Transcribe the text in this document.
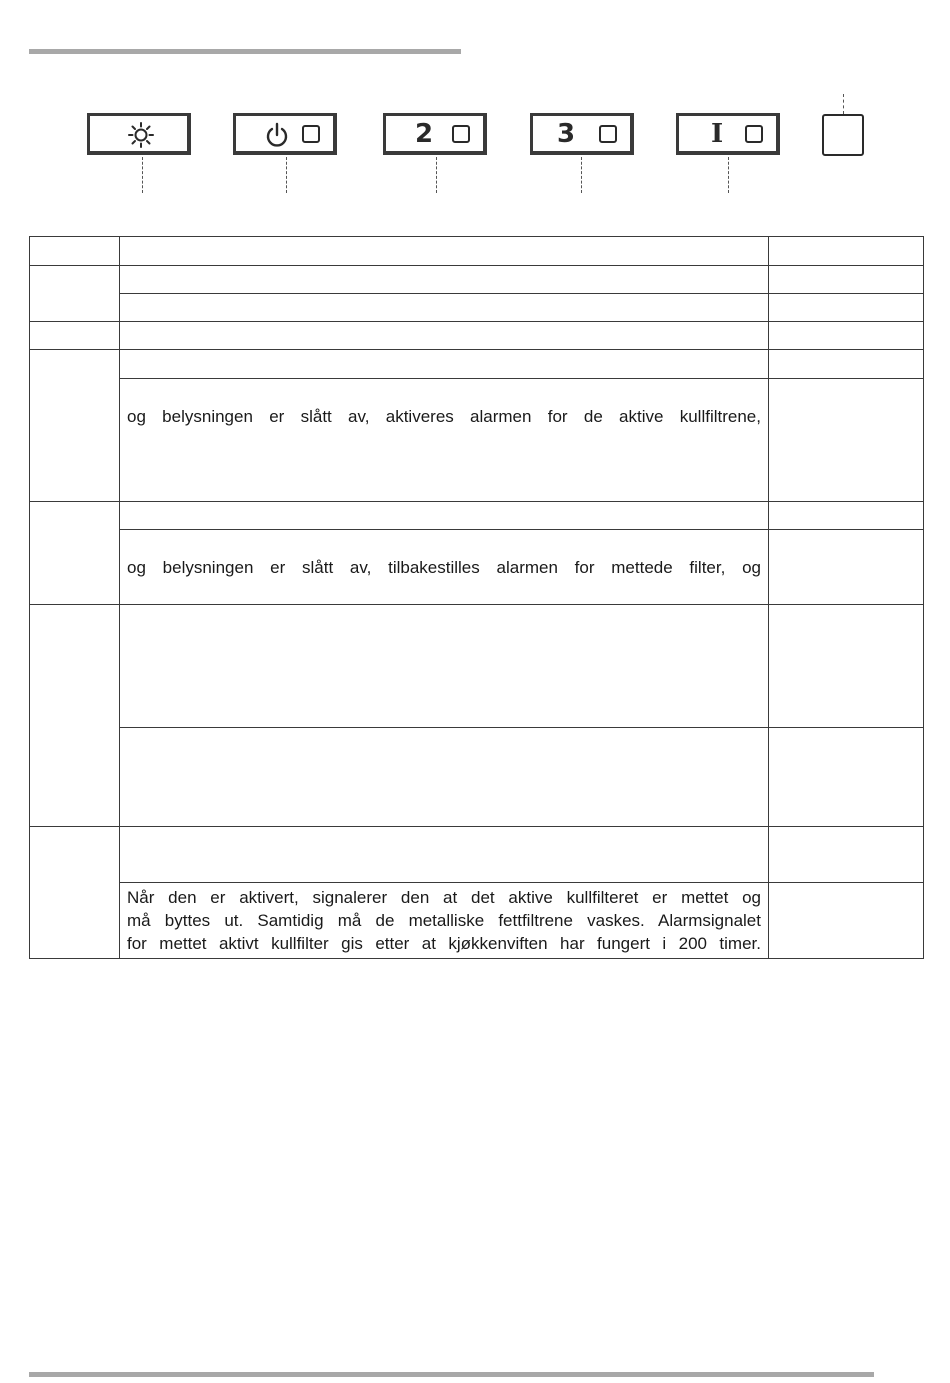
2	3	I

	og belysningen er slått av, aktiveres alarmen for de aktive kullfiltrene,	

	og belysningen er slått av, tilbakestilles alarmen for mettede filter, og	

	Når den er aktivert, signalerer den at det aktive kullfilteret er mettet og
må byttes ut. Samtidig må de metalliske fettfiltrene vaskes. Alarmsignalet
for mettet aktivt kullfilter gis etter at kjøkkenviften har fungert i 200 timer.	
